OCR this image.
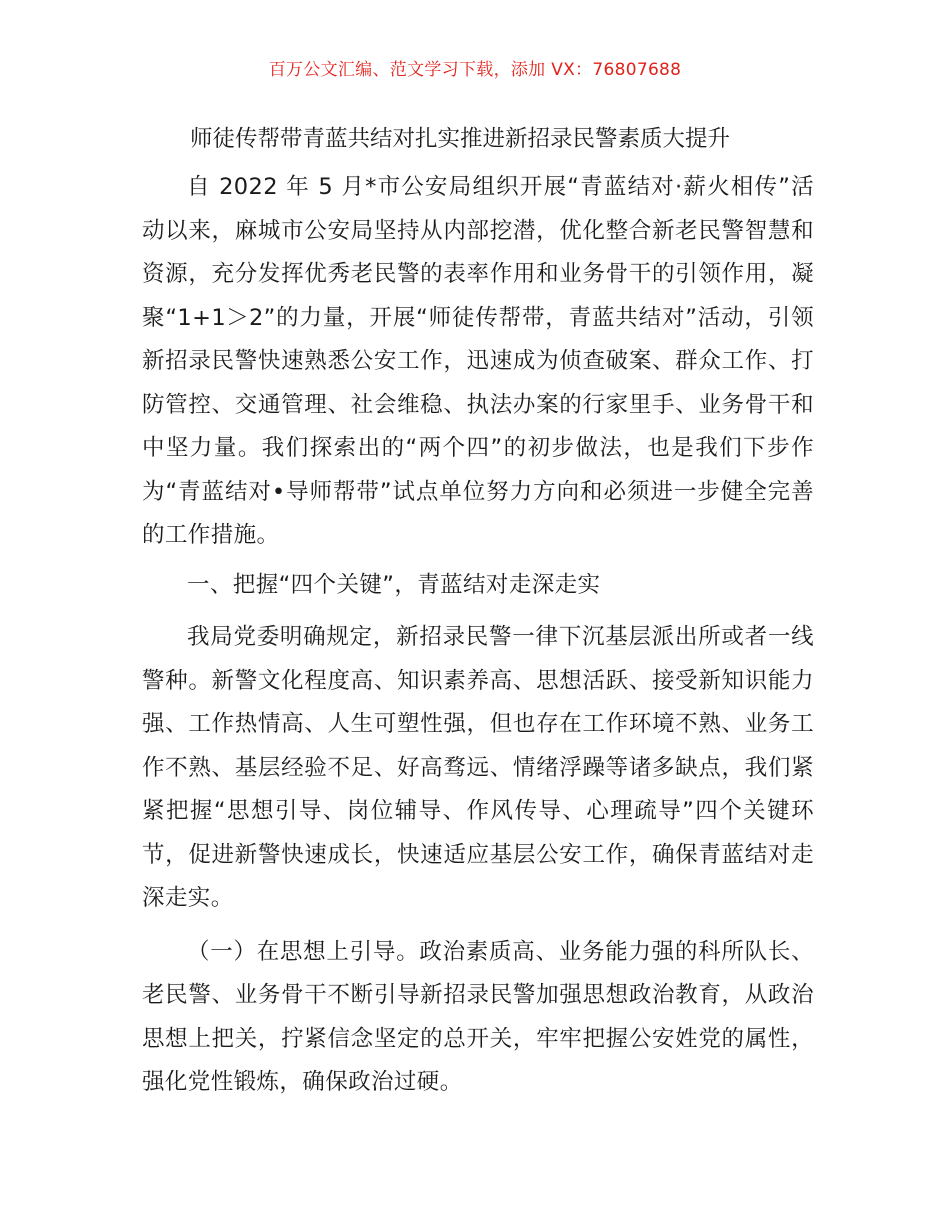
百万公文汇编、范文学习下载，添加 VX：76807688
师徒传帮带青蓝共结对扎实推进新招录民警素质大提升

自 2022 年 5 月*市公安局组织开展“青蓝结对·薪火相传”活动以来，麻城市公安局坚持从内部挖潜，优化整合新老民警智慧和资源，充分发挥优秀老民警的表率作用和业务骨干的引领作用，凝聚“1+1＞2”的力量，开展“师徒传帮带，青蓝共结对”活动，引领新招录民警快速熟悉公安工作，迅速成为侦查破案、群众工作、打防管控、交通管理、社会维稳、执法办案的行家里手、业务骨干和中坚力量。我们探索出的“两个四”的初步做法，也是我们下步作为“青蓝结对•导师帮带”试点单位努力方向和必须进一步健全完善的工作措施。

一、把握“四个关键”，青蓝结对走深走实

我局党委明确规定，新招录民警一律下沉基层派出所或者一线警种。新警文化程度高、知识素养高、思想活跃、接受新知识能力强、工作热情高、人生可塑性强，但也存在工作环境不熟、业务工作不熟、基层经验不足、好高骛远、情绪浮躁等诸多缺点，我们紧紧把握“思想引导、岗位辅导、作风传导、心理疏导”四个关键环节，促进新警快速成长，快速适应基层公安工作，确保青蓝结对走深走实。

（一）在思想上引导。政治素质高、业务能力强的科所队长、老民警、业务骨干不断引导新招录民警加强思想政治教育，从政治思想上把关，拧紧信念坚定的总开关，牢牢把握公安姓党的属性，强化党性锻炼，确保政治过硬。
